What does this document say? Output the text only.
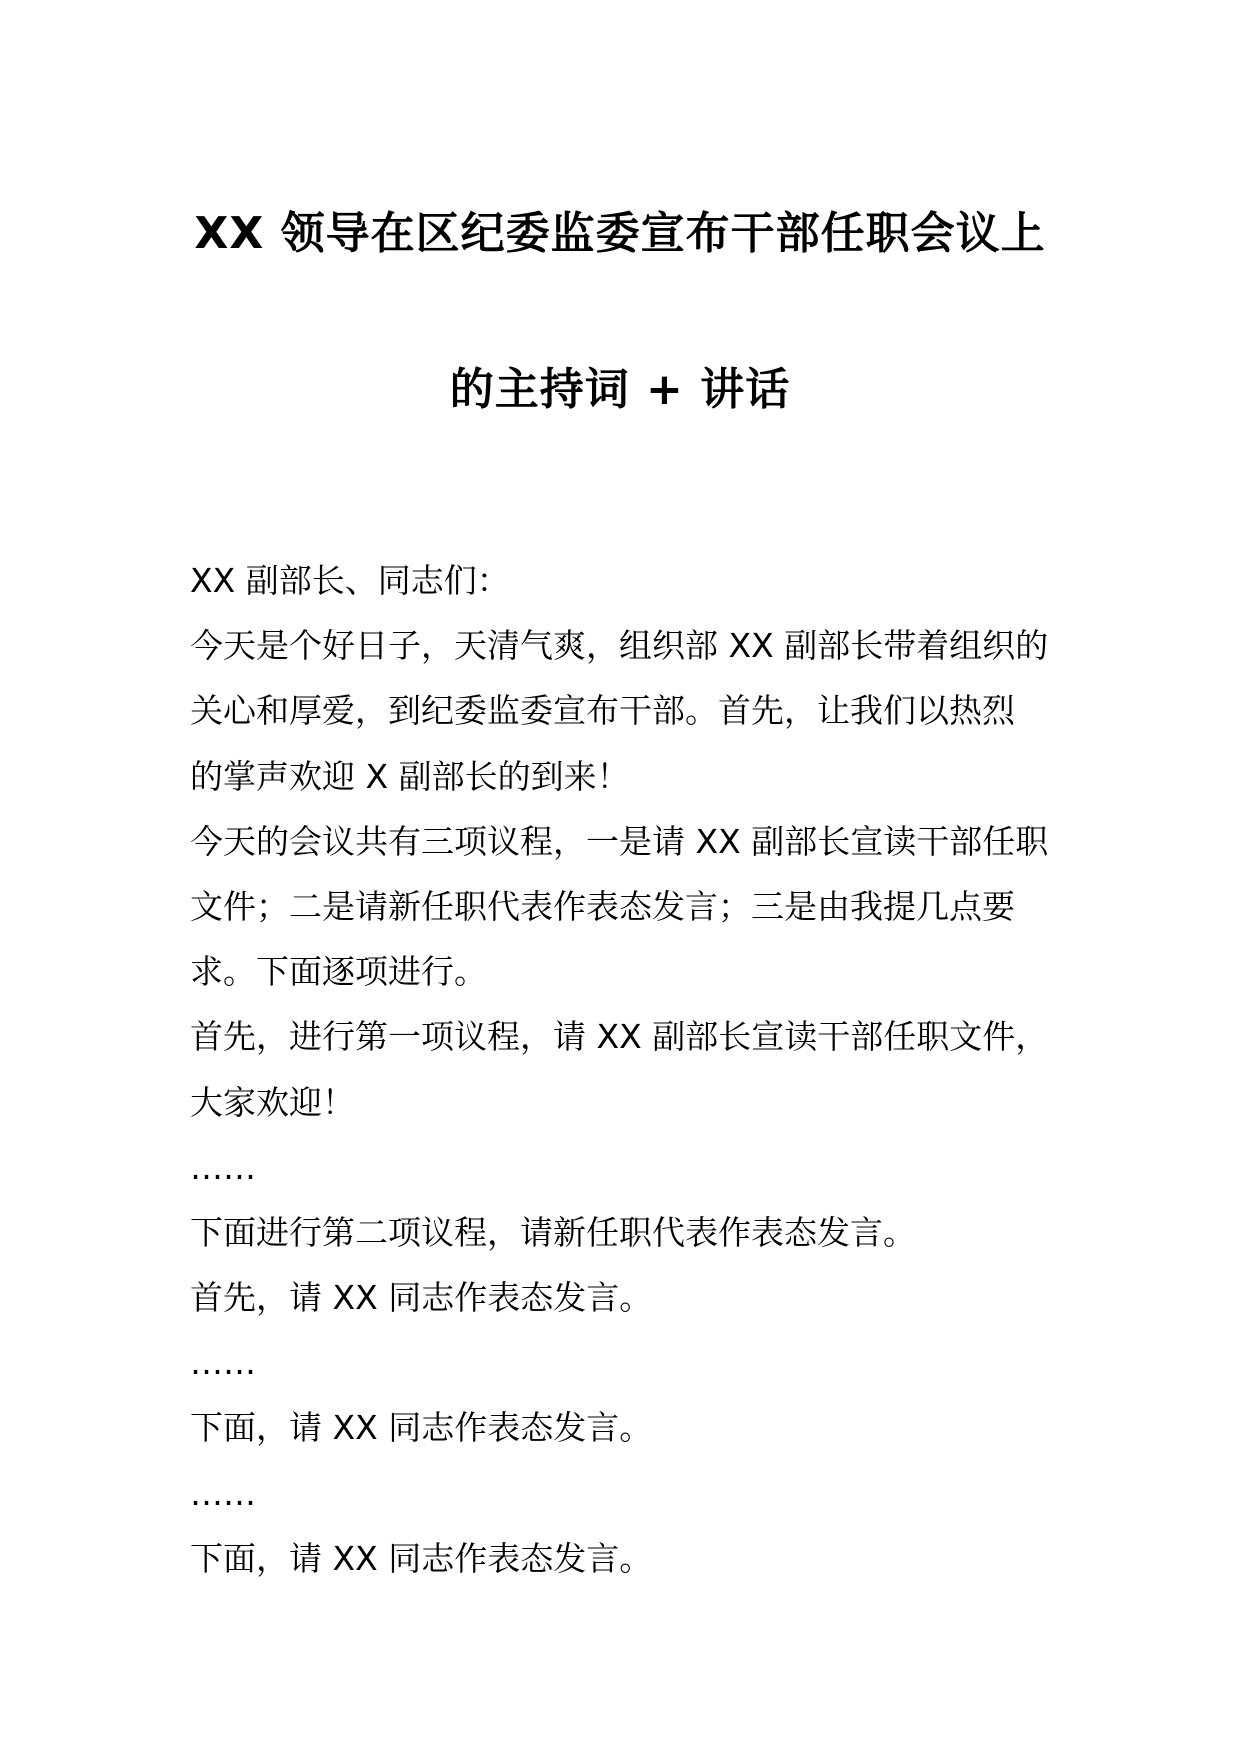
XX 领导在区纪委监委宣布干部任职会议上
的主持词 + 讲话
XX 副部长、同志们：
今天是个好日子，天清气爽，组织部 XX 副部长带着组织的
关心和厚爱，到纪委监委宣布干部。首先，让我们以热烈
的掌声欢迎 X 副部长的到来！
今天的会议共有三项议程，一是请 XX 副部长宣读干部任职
文件；二是请新任职代表作表态发言；三是由我提几点要
求。下面逐项进行。
首先，进行第一项议程，请 XX 副部长宣读干部任职文件，
大家欢迎！
……
下面进行第二项议程，请新任职代表作表态发言。
首先，请 XX 同志作表态发言。
……
下面，请 XX 同志作表态发言。
……
下面，请 XX 同志作表态发言。
